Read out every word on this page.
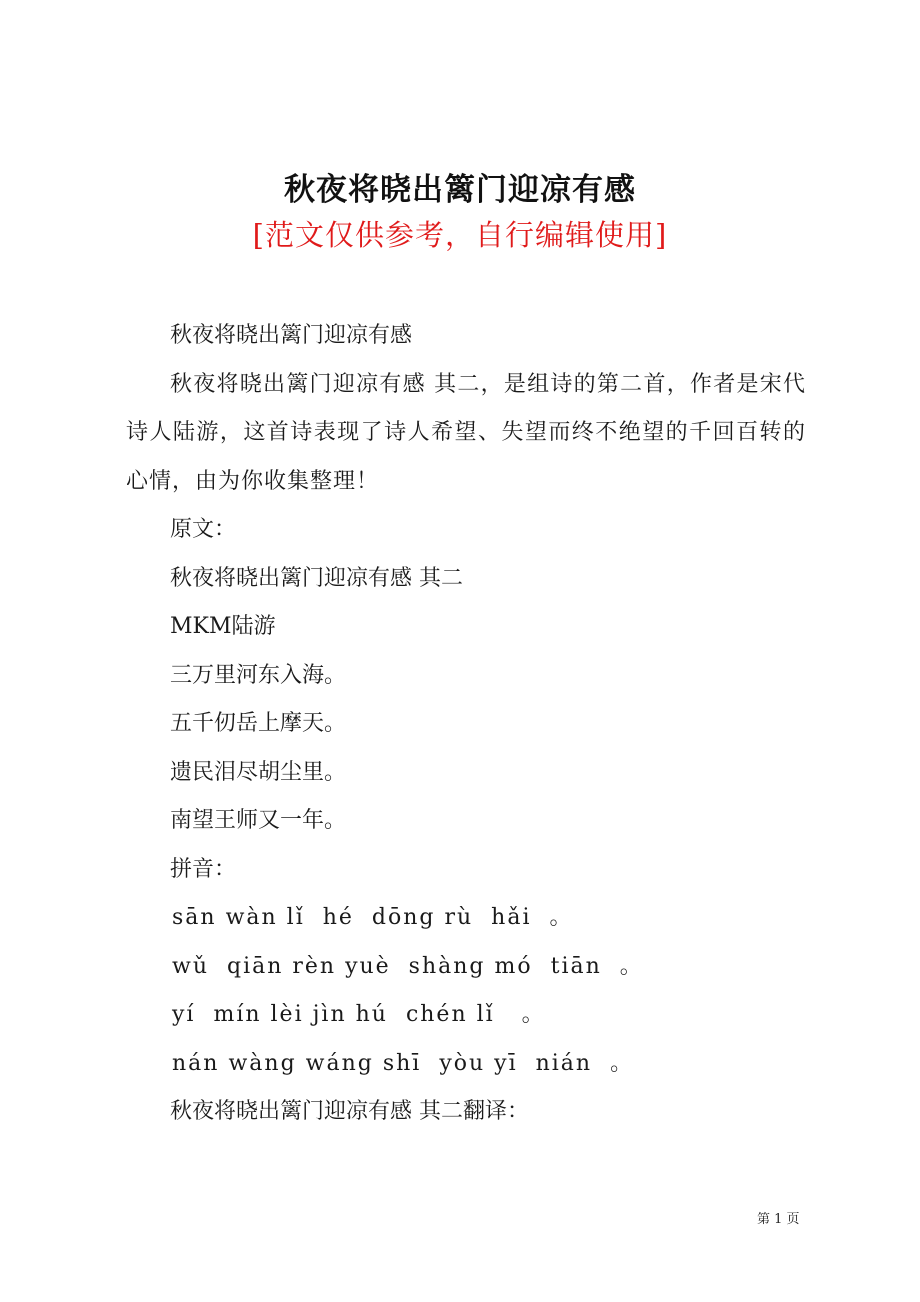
秋夜将晓出篱门迎凉有感
[范文仅供参考，自行编辑使用]

秋夜将晓出篱门迎凉有感

秋夜将晓出篱门迎凉有感 其二，是组诗的第二首，作者是宋代诗人陆游，这首诗表现了诗人希望、失望而终不绝望的千回百转的心情，由为你收集整理！

原文：

秋夜将晓出篱门迎凉有感 其二

MKM陆游

三万里河东入海。

五千仞岳上摩天。

遗民泪尽胡尘里。

南望王师又一年。

拼音：

sān wàn lǐ  hé  dōng rù  hǎi  。

wǔ  qiān rèn yuè  shàng mó  tiān  。

yí  mín lèi jìn hú  chén lǐ   。

nán wàng wáng shī  yòu yī  nián  。

秋夜将晓出篱门迎凉有感 其二翻译：

第 1 页
